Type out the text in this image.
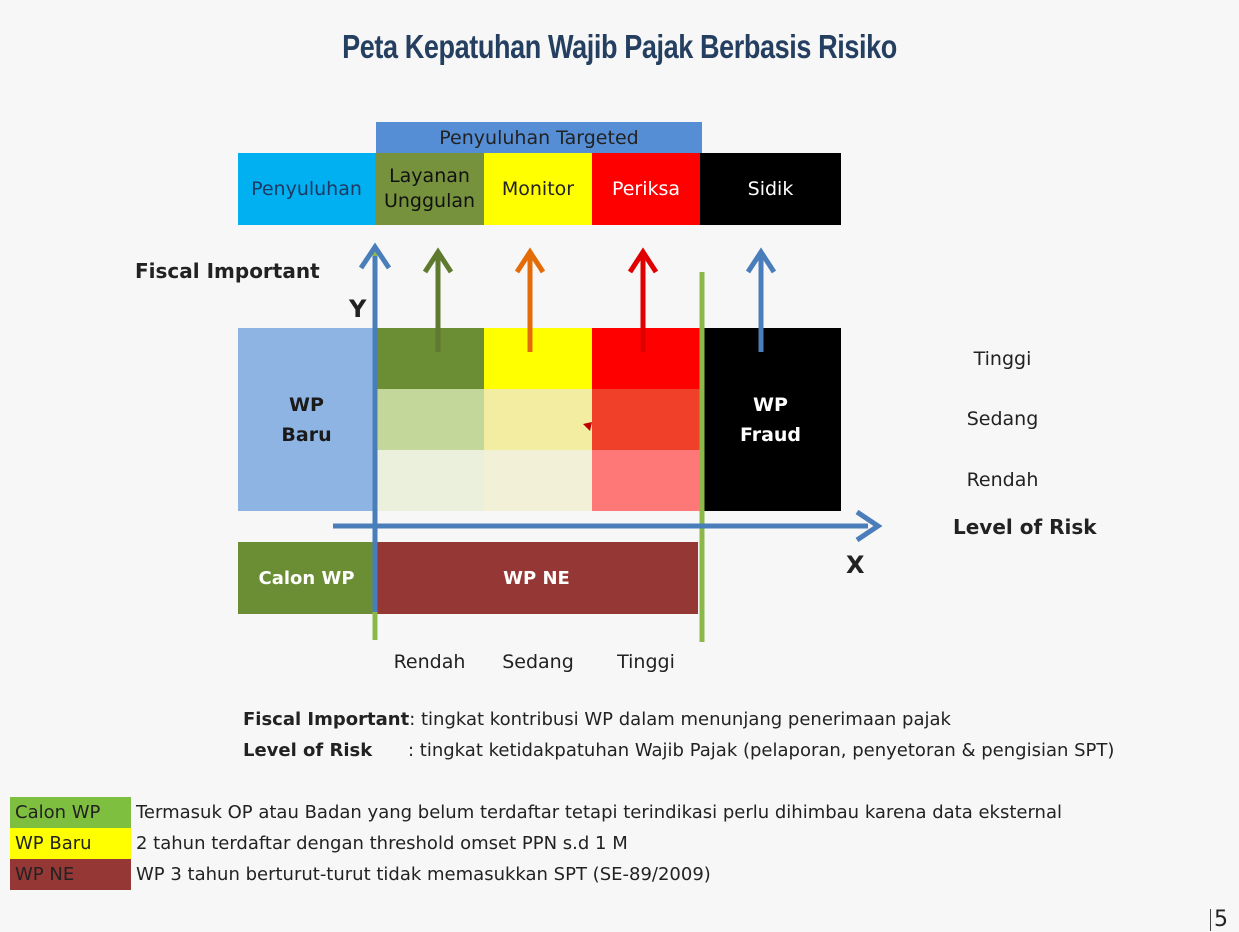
Peta Kepatuhan Wajib Pajak Berbasis Risiko
Penyuluhan Targeted
Penyuluhan
Layanan Unggulan
Monitor	Periksa	Sidik
Fiscal Important
Y
WP Baru
WP Fraud
Tinggi
Sedang
Rendah
Calon WP	WP NE
Level of Risk
X
Rendah	Sedang	Tinggi
Fiscal Important: tingkat kontribusi WP dalam menunjang penerimaan pajak
Level of Risk : tingkat ketidakpatuhan Wajib Pajak (pelaporan, penyetoran & pengisian SPT)
Calon WP	Termasuk OP atau Badan yang belum terdaftar tetapi terindikasi perlu dihimbau karena data eksternal
WP Baru	2 tahun terdaftar dengan threshold omset PPN s.d 1 M
WP NE	WP 3 tahun berturut-turut tidak memasukkan SPT (SE-89/2009)
5
